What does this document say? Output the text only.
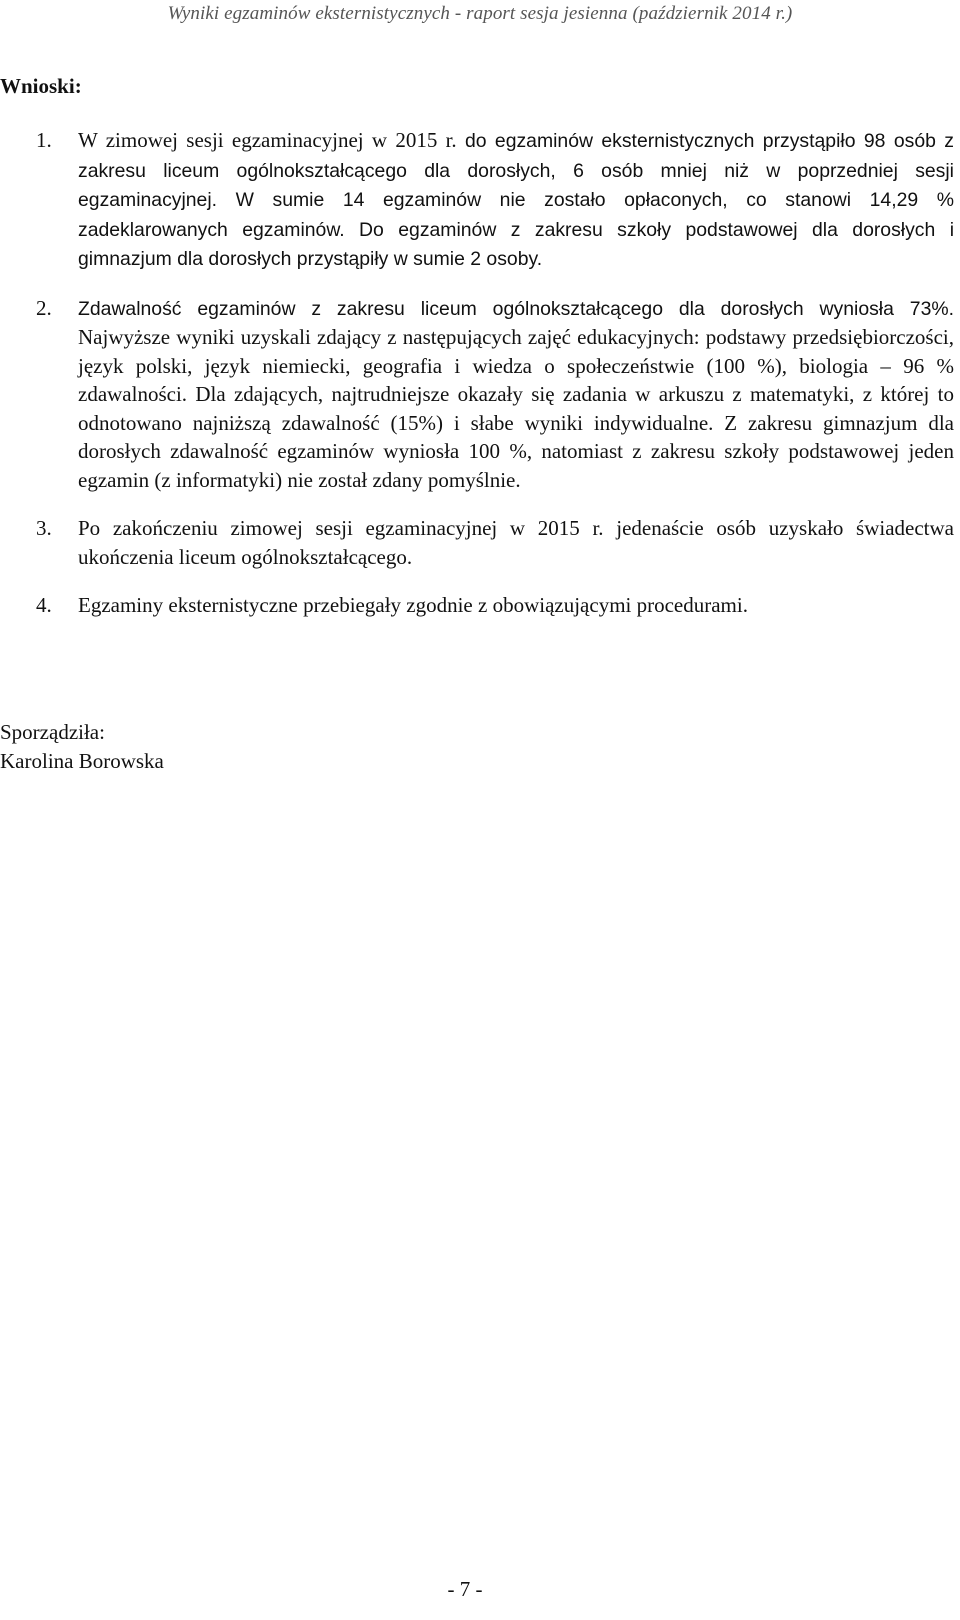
Wyniki egzaminów eksternistycznych - raport sesja jesienna (październik 2014 r.)
Wnioski:
1. W zimowej sesji egzaminacyjnej w 2015 r. do egzaminów eksternistycznych przystąpiło 98 osób z zakresu liceum ogólnokształcącego dla dorosłych, 6 osób mniej niż w poprzedniej sesji egzaminacyjnej. W sumie 14 egzaminów nie zostało opłaconych, co stanowi 14,29 % zadeklarowanych egzaminów. Do egzaminów z zakresu szkoły podstawowej dla dorosłych i gimnazjum dla dorosłych przystąpiły w sumie 2 osoby.
2. Zdawalność egzaminów z zakresu liceum ogólnokształcącego dla dorosłych wyniosła 73%. Najwyższe wyniki uzyskali zdający z następujących zajęć edukacyjnych: podstawy przedsiębiorczości, język polski, język niemiecki, geografia i wiedza o społeczeństwie (100 %), biologia – 96 % zdawalności. Dla zdających, najtrudniejsze okazały się zadania w arkuszu z matematyki, z której to odnotowano najniższą zdawalność (15%) i słabe wyniki indywidualne. Z zakresu gimnazjum dla dorosłych zdawalność egzaminów wyniosła 100 %, natomiast z zakresu szkoły podstawowej jeden egzamin (z informatyki) nie został zdany pomyślnie.
3. Po zakończeniu zimowej sesji egzaminacyjnej w 2015 r. jedenaście osób uzyskało świadectwa ukończenia liceum ogólnokształcącego.
4. Egzaminy eksternistyczne przebiegały zgodnie z obowiązującymi procedurami.
Sporządziła:
Karolina Borowska
- 7 -
